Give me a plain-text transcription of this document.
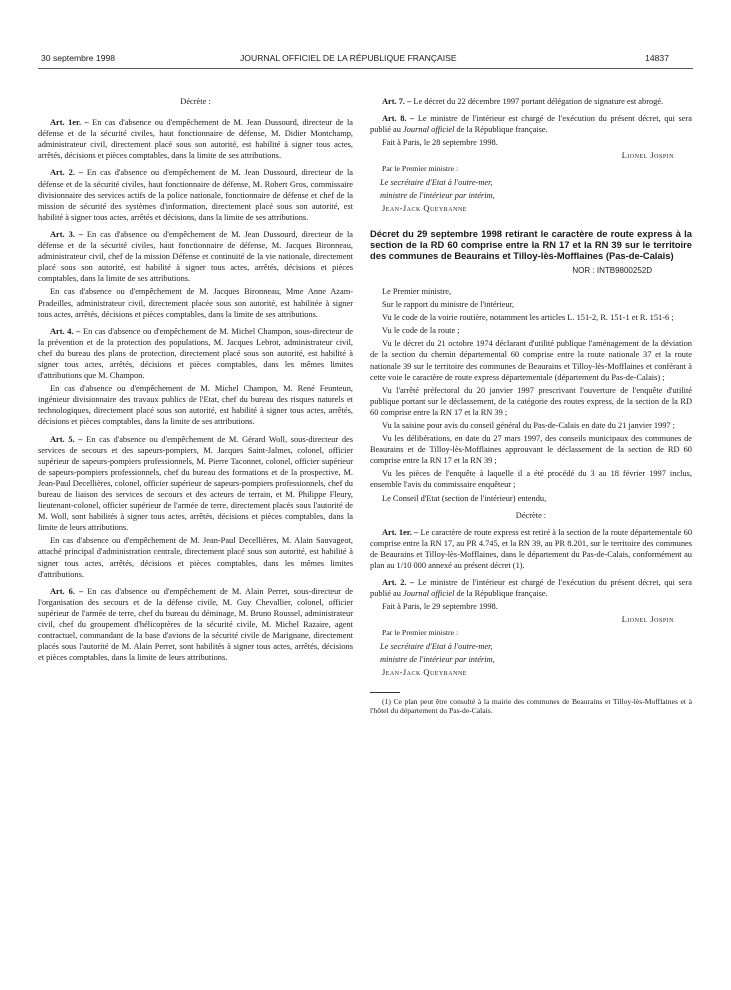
30 septembre 1998	JOURNAL OFFICIEL DE LA RÉPUBLIQUE FRANÇAISE	14837

Décrète :

Art. 1er. – En cas d'absence ou d'empêchement de M. Jean Dussourd, directeur de la défense et de la sécurité civiles, haut fonctionnaire de défense, M. Didier Montchamp, administrateur civil, directement placé sous son autorité, est habilité à signer tous actes, arrêtés, décisions et pièces comptables, dans la limite de ses attributions.

Art. 2. – En cas d'absence ou d'empêchement de M. Jean Dussourd, directeur de la défense et de la sécurité civiles, haut fonctionnaire de défense, M. Robert Gros, commissaire divisionnaire des services actifs de la police nationale, fonctionnaire de défense et chef de la mission de sécurité des systèmes d'information, directement placé sous son autorité, est habilité à signer tous actes, arrêtés et décisions, dans la limite de ses attributions.

Art. 3. – En cas d'absence ou d'empêchement de M. Jean Dussourd, directeur de la défense et de la sécurité civiles, haut fonctionnaire de défense, M. Jacques Bironneau, administrateur civil, chef de la mission Défense et continuité de la vie nationale, directement placé sous son autorité, est habilité à signer tous actes, arrêtés, décisions et pièces comptables, dans la limite de ses attributions.

En cas d'absence ou d'empêchement de M. Jacques Bironneau, Mme Anne Azam-Pradeilles, administrateur civil, directement placée sous son autorité, est habilitée à signer tous actes, arrêtés, décisions et pièces comptables, dans la limite de ses attributions.

Art. 4. – En cas d'absence ou d'empêchement de M. Michel Champon, sous-directeur de la prévention et de la protection des populations, M. Jacques Lebrot, administrateur civil, chef du bureau des plans de protection, directement placé sous son autorité, est habilité à signer tous actes, arrêtés, décisions et pièces comptables, dans les mêmes limites d'attributions que M. Champon.

En cas d'absence ou d'empêchement de M. Michel Champon, M. René Feunteun, ingénieur divisionnaire des travaux publics de l'Etat, chef du bureau des risques naturels et technologiques, directement placé sous son autorité, est habilité à signer tous actes, arrêtés, décisions et pièces comptables, dans la limite de ses attributions.

Art. 5. – En cas d'absence ou d'empêchement de M. Gérard Woll, sous-directeur des services de secours et des sapeurs-pompiers, M. Jacques Saint-Jalmes, colonel, officier supérieur de sapeurs-pompiers professionnels, M. Pierre Taconnet, colonel, officier supérieur de sapeurs-pompiers professionnels, chef du bureau des formations et de la prospective, M. Jean-Paul Decellières, colonel, officier supérieur de sapeurs-pompiers professionnels, chef du bureau de liaison des services de secours et des acteurs de terrain, et M. Philippe Fleury, lieutenant-colonel, officier supérieur de l'armée de terre, directement placés sous l'autorité de M. Woll, sont habilités à signer tous actes, arrêtés, décisions et pièces comptables, dans la limite de leurs attributions.

En cas d'absence ou d'empêchement de M. Jean-Paul Decellières, M. Alain Sauvageot, attaché principal d'administration centrale, directement placé sous son autorité, est habilité à signer tous actes, arrêtés, décisions et pièces comptables, dans les mêmes limites d'attributions.

Art. 6. – En cas d'absence ou d'empêchement de M. Alain Perret, sous-directeur de l'organisation des secours et de la défense civile, M. Guy Chevallier, colonel, officier supérieur de l'armée de terre, chef du bureau du déminage, M. Bruno Roussel, administrateur civil, chef du groupement d'hélicoptères de la sécurité civile, M. Michel Razaire, agent contractuel, commandant de la base d'avions de la sécurité civile de Marignane, directement placés sous l'autorité de M. Alain Perret, sont habilités à signer tous actes, arrêtés, décisions et pièces comptables, dans la limite de leurs attributions.

Art. 7. – Le décret du 22 décembre 1997 portant délégation de signature est abrogé.

Art. 8. – Le ministre de l'intérieur est chargé de l'exécution du présent décret, qui sera publié au Journal officiel de la République française.

Fait à Paris, le 28 septembre 1998.

Lionel Jospin

Par le Premier ministre :

Le secrétaire d'Etat à l'outre-mer,

ministre de l'intérieur par intérim,

Jean-Jack Queyranne

Décret du 29 septembre 1998 retirant le caractère de route express à la section de la RD 60 comprise entre la RN 17 et la RN 39 sur le territoire des communes de Beaurains et Tilloy-lès-Mofflaines (Pas-de-Calais)
NOR : INTB9800252D

Le Premier ministre,

Sur le rapport du ministre de l'intérieur,

Vu le code de la voirie routière, notamment les articles L. 151-2, R. 151-1 et R. 151-6 ;

Vu le code de la route ;

Vu le décret du 21 octobre 1974 déclarant d'utilité publique l'aménagement de la déviation de la section du chemin départemental 60 comprise entre la route nationale 37 et la route nationale 39 sur le territoire des communes de Beaurains et Tilloy-lès-Mofflaines et conférant à cette voie le caractère de route express départementale (département du Pas-de-Calais) ;

Vu l'arrêté préfectoral du 20 janvier 1997 prescrivant l'ouverture de l'enquête d'utilité publique portant sur le déclassement, de la catégorie des routes express, de la section de la RD 60 comprise entre la RN 17 et la RN 39 ;

Vu la saisine pour avis du conseil général du Pas-de-Calais en date du 21 janvier 1997 ;

Vu les délibérations, en date du 27 mars 1997, des conseils municipaux des communes de Beaurains et de Tilloy-lès-Mofflaines approuvant le déclassement de la section de RD 60 comprise entre la RN 17 et la RN 39 ;

Vu les pièces de l'enquête à laquelle il a été procédé du 3 au 18 février 1997 inclus, ensemble l'avis du commissaire enquêteur ;

Le Conseil d'Etat (section de l'intérieur) entendu,

Décrète :

Art. 1er. – Le caractère de route express est retiré à la section de la route départementale 60 comprise entre la RN 17, au PR 4.745, et la RN 39, au PR 8.201, sur le territoire des communes de Beaurains et Tilloy-lès-Mofflaines, dans le département du Pas-de-Calais, conformément au plan au 1/10 000 annexé au présent décret (1).

Art. 2. – Le ministre de l'intérieur est chargé de l'exécution du présent décret, qui sera publié au Journal officiel de la République française.

Fait à Paris, le 29 septembre 1998.

Lionel Jospin

Par le Premier ministre :

Le secrétaire d'Etat à l'outre-mer,

ministre de l'intérieur par intérim,

Jean-Jack Queyranne

(1) Ce plan peut être consulté à la mairie des communes de Beaurains et Tilloy-lès-Mofflaines et à l'hôtel du département du Pas-de-Calais.
